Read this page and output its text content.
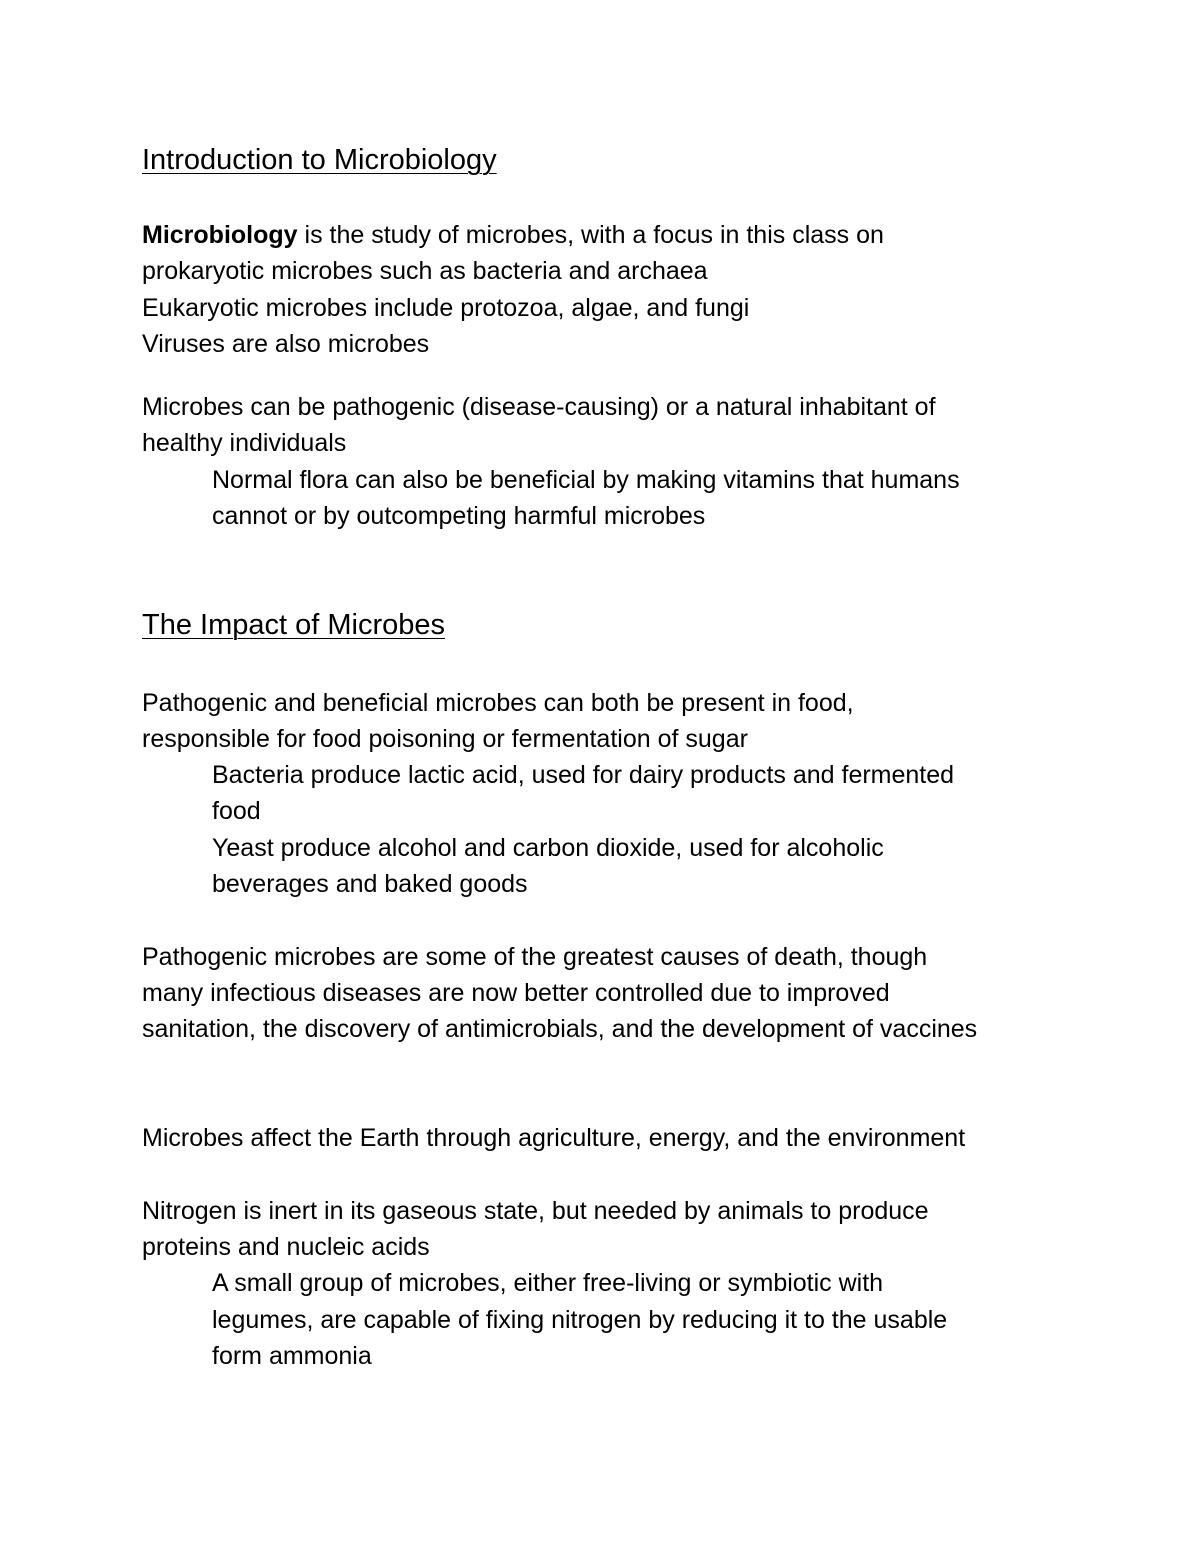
Introduction to Microbiology
Microbiology is the study of microbes, with a focus in this class on
prokaryotic microbes such as bacteria and archaea
Eukaryotic microbes include protozoa, algae, and fungi
Viruses are also microbes
Microbes can be pathogenic (disease-causing) or a natural inhabitant of
healthy individuals
Normal flora can also be beneficial by making vitamins that humans
cannot or by outcompeting harmful microbes
The Impact of Microbes
Pathogenic and beneficial microbes can both be present in food,
responsible for food poisoning or fermentation of sugar
Bacteria produce lactic acid, used for dairy products and fermented
food
Yeast produce alcohol and carbon dioxide, used for alcoholic
beverages and baked goods
Pathogenic microbes are some of the greatest causes of death, though
many infectious diseases are now better controlled due to improved
sanitation, the discovery of antimicrobials, and the development of vaccines
Microbes affect the Earth through agriculture, energy, and the environment
Nitrogen is inert in its gaseous state, but needed by animals to produce
proteins and nucleic acids
A small group of microbes, either free-living or symbiotic with
legumes, are capable of fixing nitrogen by reducing it to the usable
form ammonia
